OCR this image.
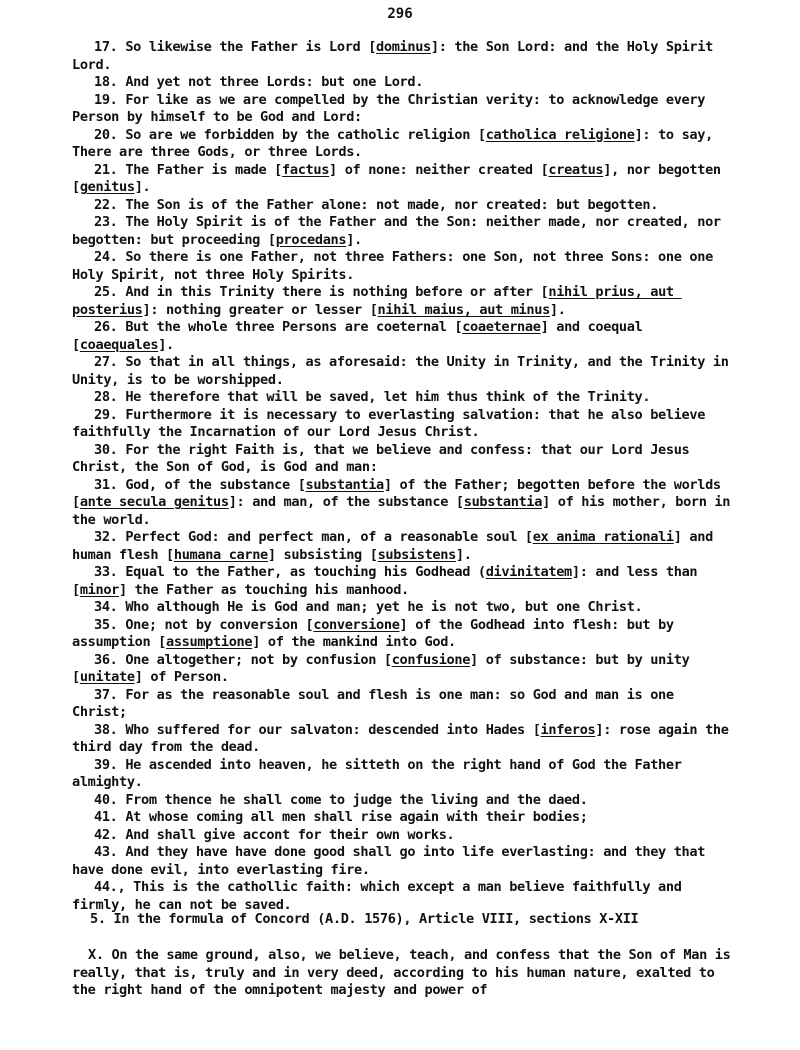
296
17. So likewise the Father is Lord [dominus]: the Son Lord: and the Holy Spirit Lord.
18. And yet not three Lords: but one Lord.
19. For like as we are compelled by the Christian verity: to acknowledge every Person by himself to be God and Lord:
20. So are we forbidden by the catholic religion [catholica religione]: to say, There are three Gods, or three Lords.
21. The Father is made [factus] of none: neither created [creatus], nor begotten [genitus].
22. The Son is of the Father alone: not made, nor created: but begotten.
23. The Holy Spirit is of the Father and the Son: neither made, nor created, nor begotten: but proceeding [procedans].
24. So there is one Father, not three Fathers: one Son, not three Sons: one one Holy Spirit, not three Holy Spirits.
25. And in this Trinity there is nothing before or after [nihil prius, aut posterius]: nothing greater or lesser [nihil maius, aut minus].
26. But the whole three Persons are coeternal [coaeternae] and coequal [coaequales].
27. So that in all things, as aforesaid: the Unity in Trinity, and the Trinity in Unity, is to be worshipped.
28. He therefore that will be saved, let him thus think of the Trinity.
29. Furthermore it is necessary to everlasting salvation: that he also believe faithfully the Incarnation of our Lord Jesus Christ.
30. For the right Faith is, that we believe and confess: that our Lord Jesus Christ, the Son of God, is God and man:
31. God, of the substance [substantia] of the Father; begotten before the worlds [ante secula genitus]: and man, of the substance [substantia] of his mother, born in the world.
32. Perfect God: and perfect man, of a reasonable soul [ex anima rationali] and human flesh [humana carne] subsisting [subsistens].
33. Equal to the Father, as touching his Godhead (divinitatem]: and less than [minor] the Father as touching his manhood.
34. Who although He is God and man; yet he is not two, but one Christ.
35. One; not by conversion [conversione] of the Godhead into flesh: but by assumption [assumptione] of the mankind into God.
36. One altogether; not by confusion [confusione] of substance: but by unity [unitate] of Person.
37. For as the reasonable soul and flesh is one man: so God and man is one Christ;
38. Who suffered for our salvaton: descended into Hades [inferos]: rose again the third day from the dead.
39. He ascended into heaven, he sitteth on the right hand of God the Father almighty.
40. From thence he shall come to judge the living and the daed.
41. At whose coming all men shall rise again with their bodies;
42. And shall give accont for their own works.
43. And they have have done good shall go into life everlasting: and they that have done evil, into everlasting fire.
44., This is the cathollic faith: which except a man believe faithfully and firmly, he can not be saved.
5. In the formula of Concord (A.D. 1576), Article VIII, sections X-XII
X. On the same ground, also, we believe, teach, and confess that the Son of Man is really, that is, truly and in very deed, according to his human nature, exalted to the right hand of the omnipotent majesty and power of
